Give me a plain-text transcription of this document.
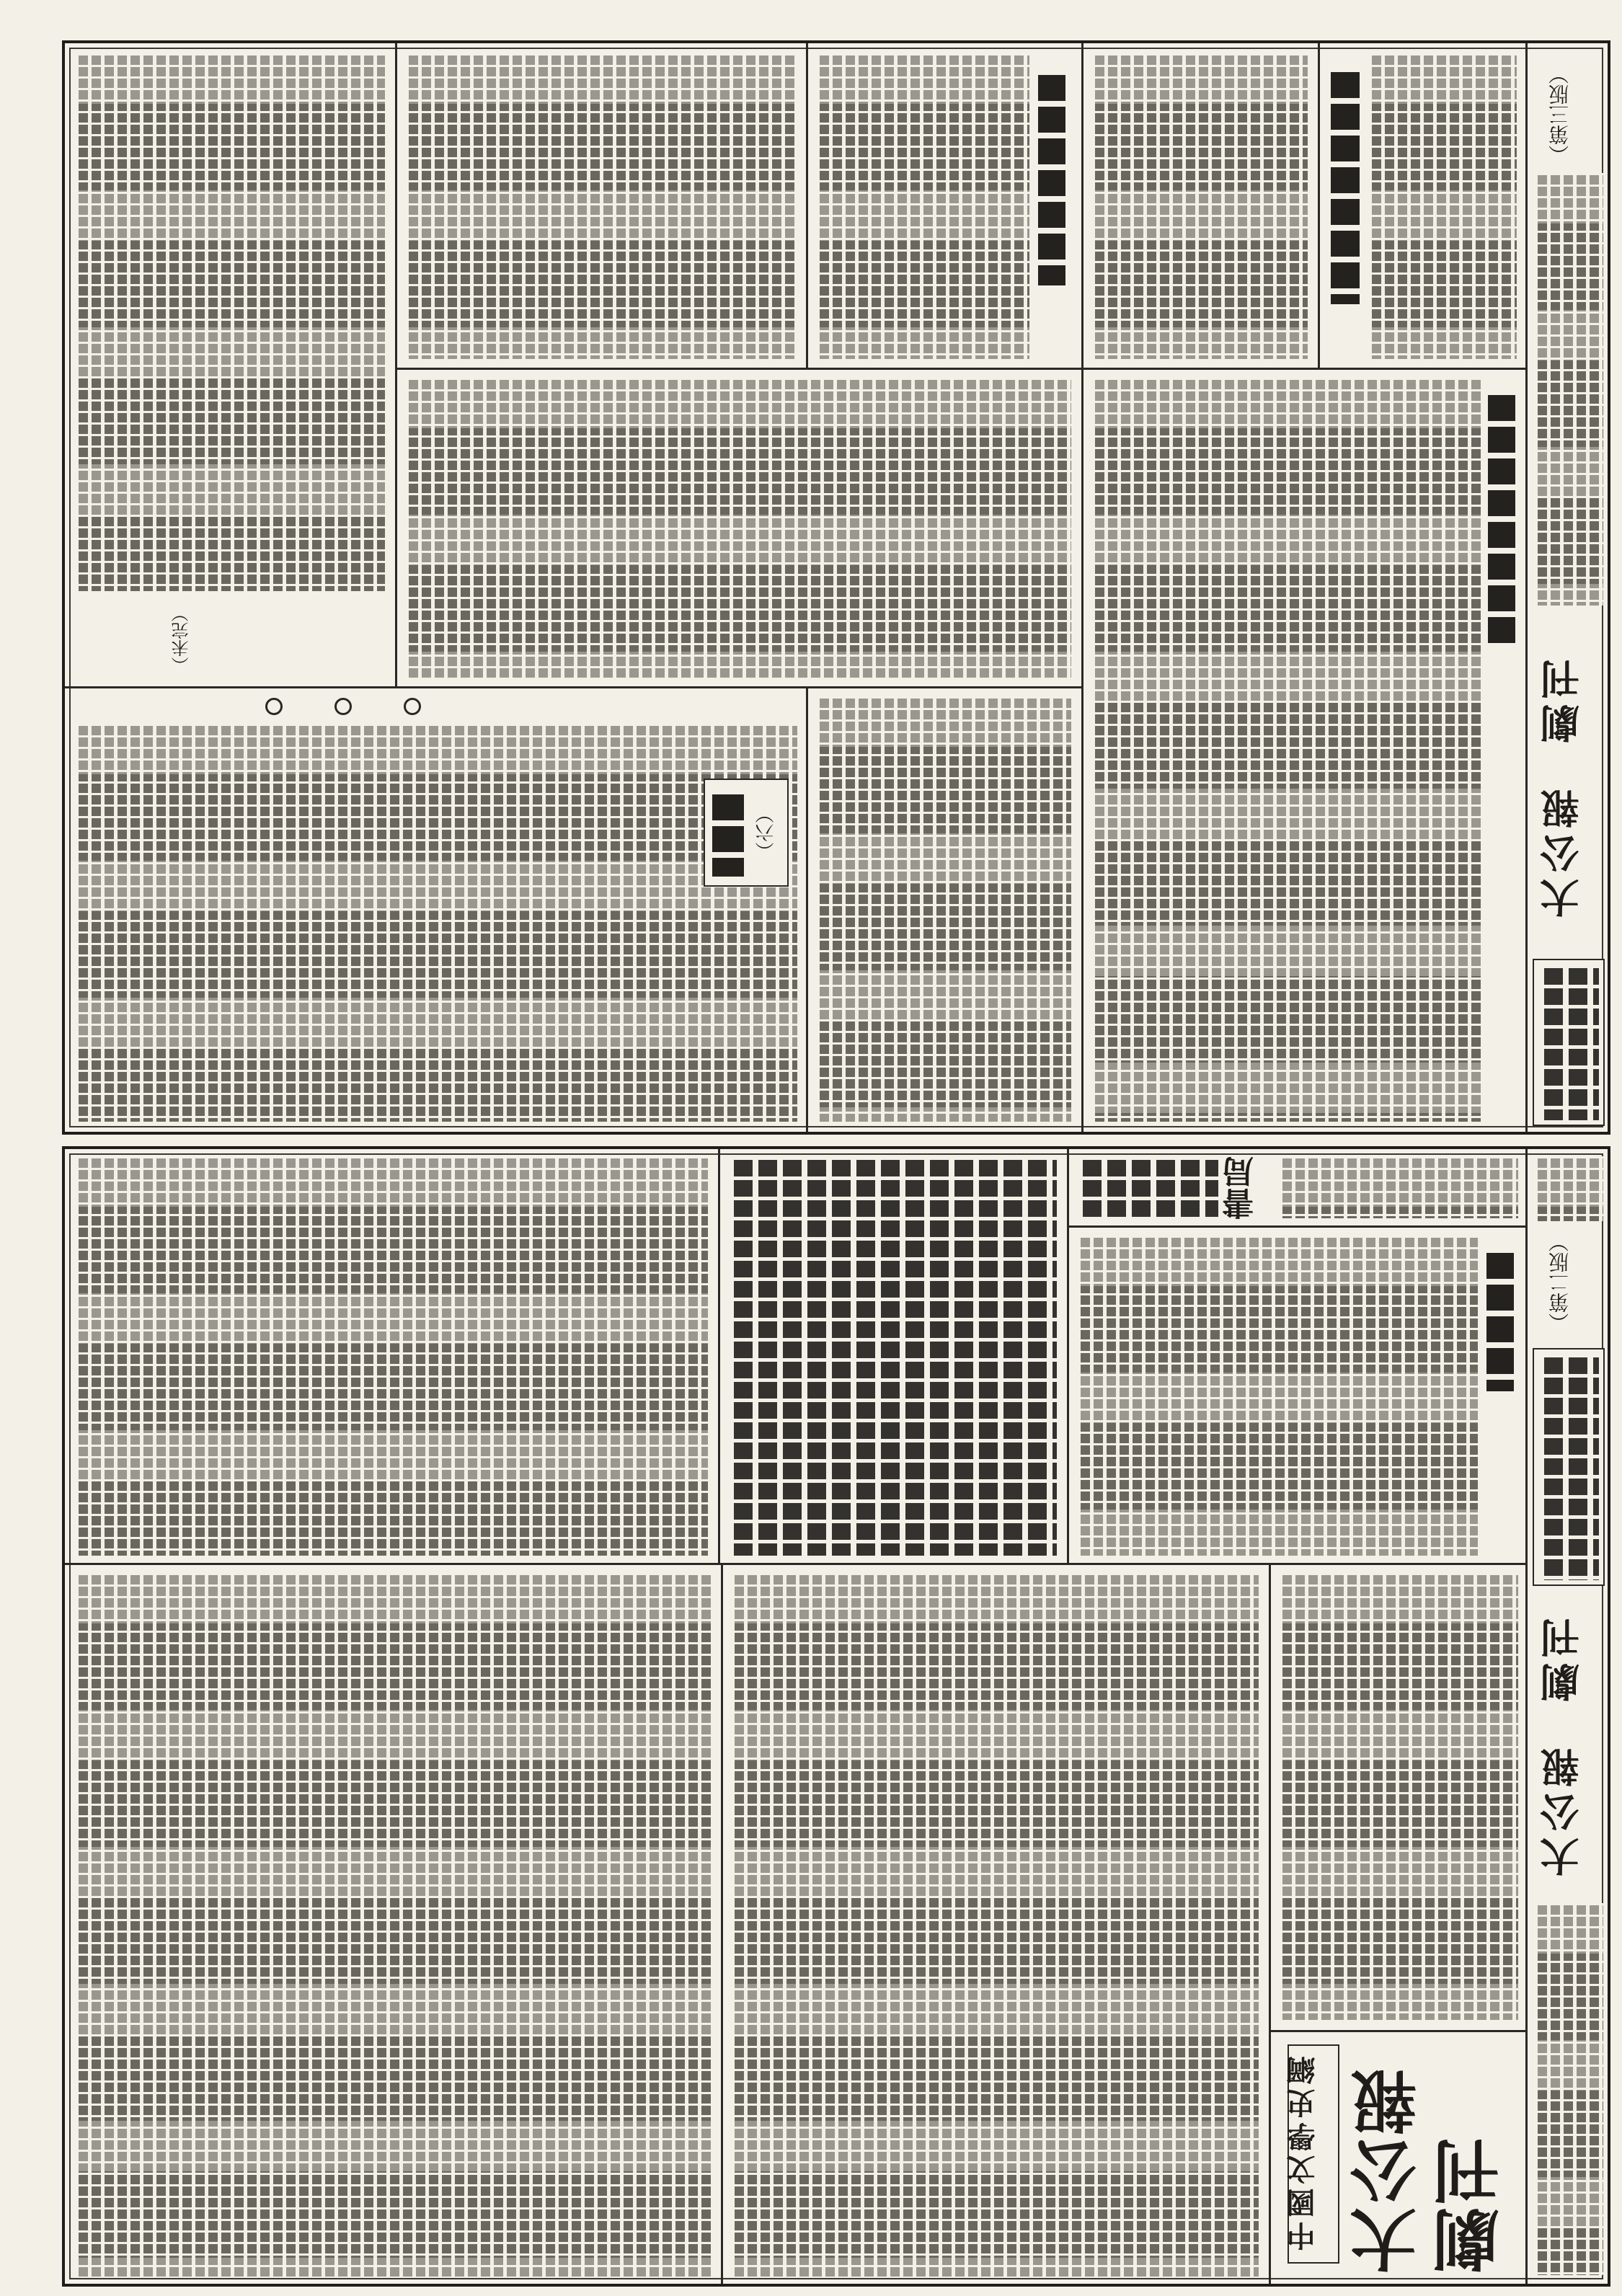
（第三版）
大公報劇刊
（未完）
（六）
（第二版）
大公報劇刊
書局
中國文學史綱 大公報 劇刊
